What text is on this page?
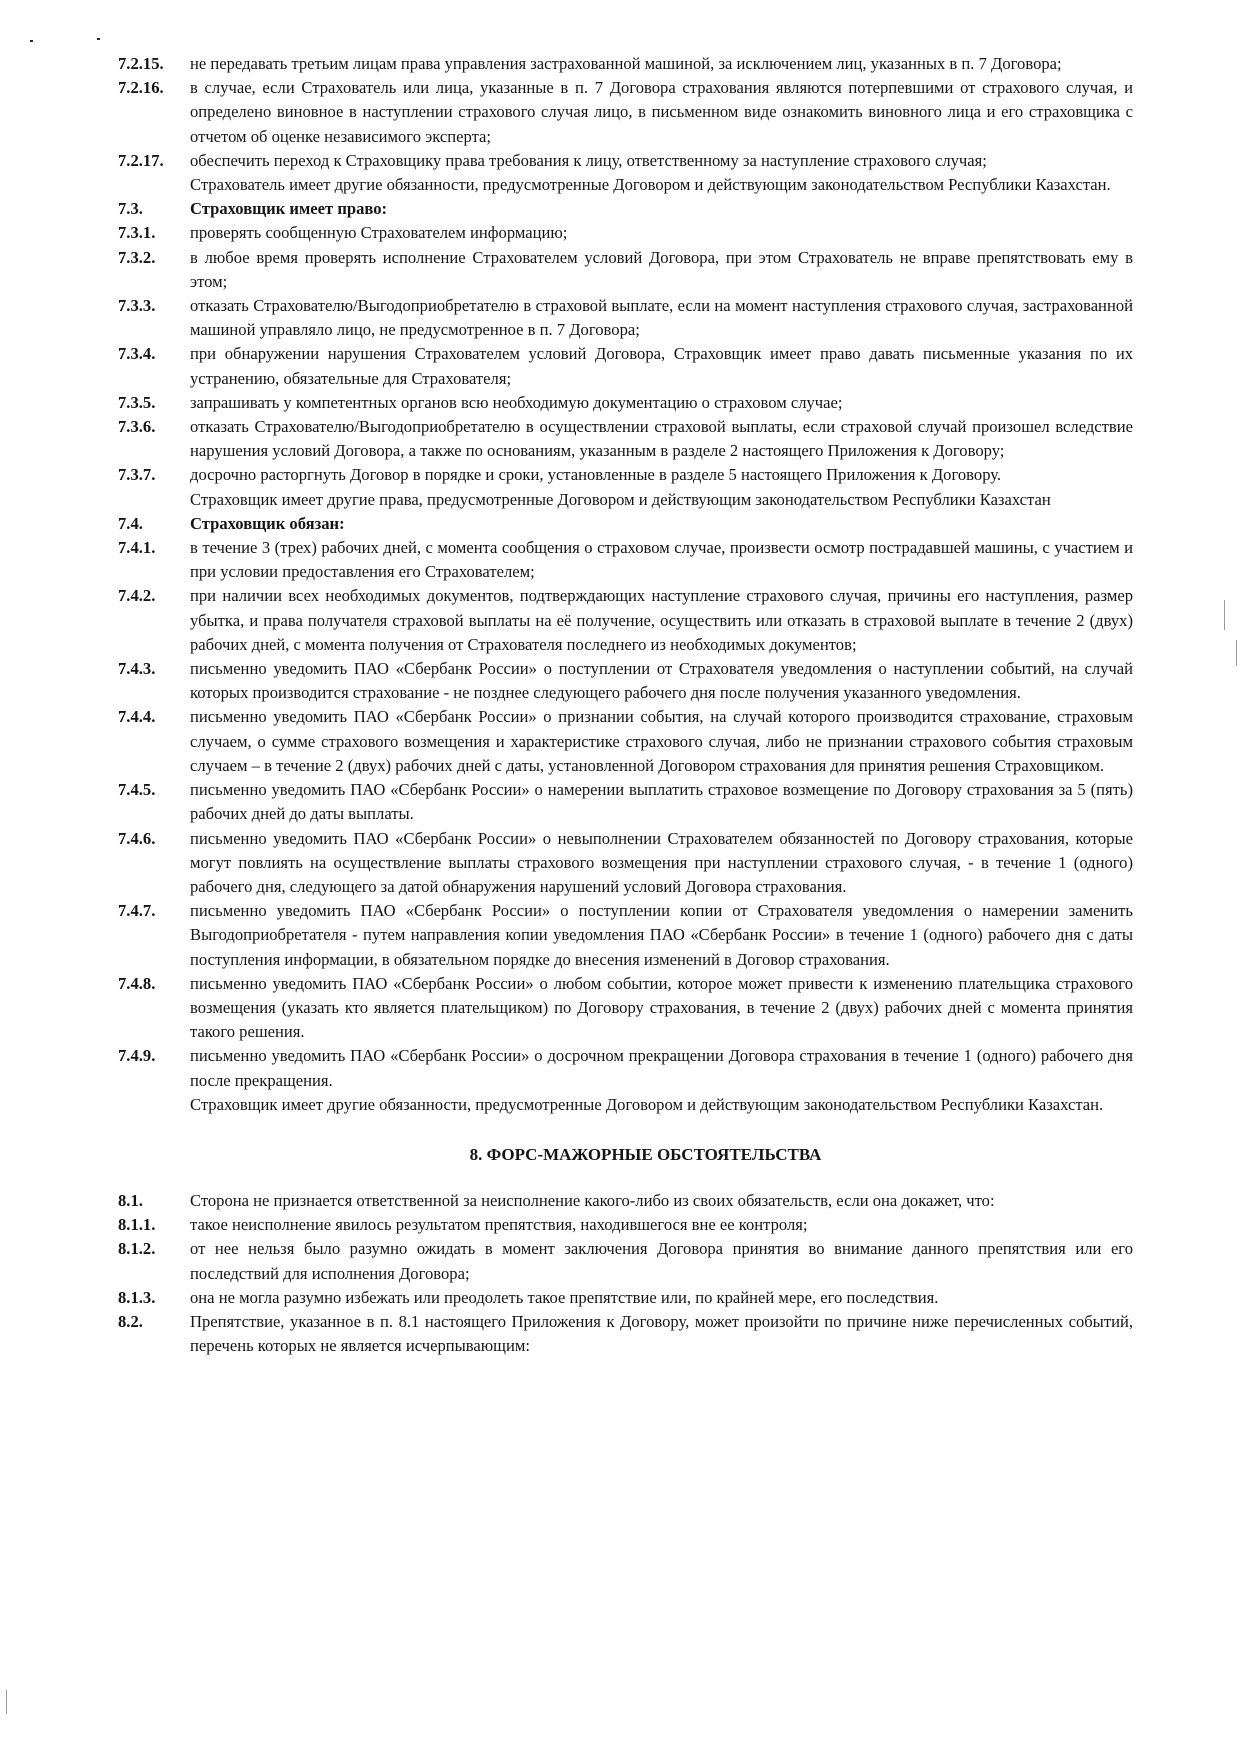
7.2.15.	не передавать третьим лицам права управления застрахованной машиной, за исключением лиц, указанных в п. 7 Договора;
7.2.16.	в случае, если Страхователь или лица, указанные в п. 7 Договора страхования являются потерпевшими от страхового случая, и определено виновное в наступлении страхового случая лицо, в письменном виде ознакомить виновного лица и его страховщика с отчетом об оценке независимого эксперта;
7.2.17.	обеспечить переход к Страховщику права требования к лицу, ответственному за наступление страхового случая;
Страхователь имеет другие обязанности, предусмотренные Договором и действующим законодательством Республики Казахстан.
7.3.	Страховщик имеет право:
7.3.1.	проверять сообщенную Страхователем информацию;
7.3.2.	в любое время проверять исполнение Страхователем условий Договора, при этом Страхователь не вправе препятствовать ему в этом;
7.3.3.	отказать Страхователю/Выгодоприобретателю в страховой выплате, если на момент наступления страхового случая, застрахованной машиной управляло лицо, не предусмотренное в п. 7 Договора;
7.3.4.	при обнаружении нарушения Страхователем условий Договора, Страховщик имеет право давать письменные указания по их устранению, обязательные для Страхователя;
7.3.5.	запрашивать у компетентных органов всю необходимую документацию о страховом случае;
7.3.6.	отказать Страхователю/Выгодоприобретателю в осуществлении страховой выплаты, если страховой случай произошел вследствие нарушения условий Договора, а также по основаниям, указанным в разделе 2 настоящего Приложения к Договору;
7.3.7.	досрочно расторгнуть Договор в порядке и сроки, установленные в разделе 5 настоящего Приложения к Договору.
Страховщик имеет другие права, предусмотренные Договором и действующим законодательством Республики Казахстан
7.4.	Страховщик обязан:
7.4.1.	в течение 3 (трех) рабочих дней, с момента сообщения о страховом случае, произвести осмотр пострадавшей машины, с участием и при условии предоставления его Страхователем;
7.4.2.	при наличии всех необходимых документов, подтверждающих наступление страхового случая, причины его наступления, размер убытка, и права получателя страховой выплаты на её получение, осуществить или отказать в страховой выплате в течение 2 (двух) рабочих дней, с момента получения от Страхователя последнего из необходимых документов;
7.4.3.	письменно уведомить ПАО «Сбербанк России» о поступлении от Страхователя уведомления о наступлении событий, на случай которых производится страхование - не позднее следующего рабочего дня после получения указанного уведомления.
7.4.4.	письменно уведомить ПАО «Сбербанк России» о признании события, на случай которого производится страхование, страховым случаем, о сумме страхового возмещения и характеристике страхового случая, либо не признании страхового события страховым случаем – в течение 2 (двух) рабочих дней с даты, установленной Договором страхования для принятия решения Страховщиком.
7.4.5.	письменно уведомить ПАО «Сбербанк России» о намерении выплатить страховое возмещение по Договору страхования за 5 (пять) рабочих дней до даты выплаты.
7.4.6.	письменно уведомить ПАО «Сбербанк России» о невыполнении Страхователем обязанностей по Договору страхования, которые могут повлиять на осуществление выплаты страхового возмещения при наступлении страхового случая, - в течение 1 (одного) рабочего дня, следующего за датой обнаружения нарушений условий Договора страхования.
7.4.7.	письменно уведомить ПАО «Сбербанк России» о поступлении копии от Страхователя уведомления о намерении заменить Выгодоприобретателя - путем направления копии уведомления ПАО «Сбербанк России» в течение 1 (одного) рабочего дня с даты поступления информации, в обязательном порядке до внесения изменений в Договор страхования.
7.4.8.	письменно уведомить ПАО «Сбербанк России» о любом событии, которое может привести к изменению плательщика страхового возмещения (указать кто является плательщиком) по Договору страхования, в течение 2 (двух) рабочих дней с момента принятия такого решения.
7.4.9.	письменно уведомить ПАО «Сбербанк России» о досрочном прекращении Договора страхования в течение 1 (одного) рабочего дня после прекращения.
Страховщик имеет другие обязанности, предусмотренные Договором и действующим законодательством Республики Казахстан.
8. ФОРС-МАЖОРНЫЕ ОБСТОЯТЕЛЬСТВА
8.1.	Сторона не признается ответственной за неисполнение какого-либо из своих обязательств, если она докажет, что:
8.1.1.	такое неисполнение явилось результатом препятствия, находившегося вне ее контроля;
8.1.2.	от нее нельзя было разумно ожидать в момент заключения Договора принятия во внимание данного препятствия или его последствий для исполнения Договора;
8.1.3.	она не могла разумно избежать или преодолеть такое препятствие или, по крайней мере, его последствия.
8.2.	Препятствие, указанное в п. 8.1 настоящего Приложения к Договору, может произойти по причине ниже перечисленных событий, перечень которых не является исчерпывающим:
